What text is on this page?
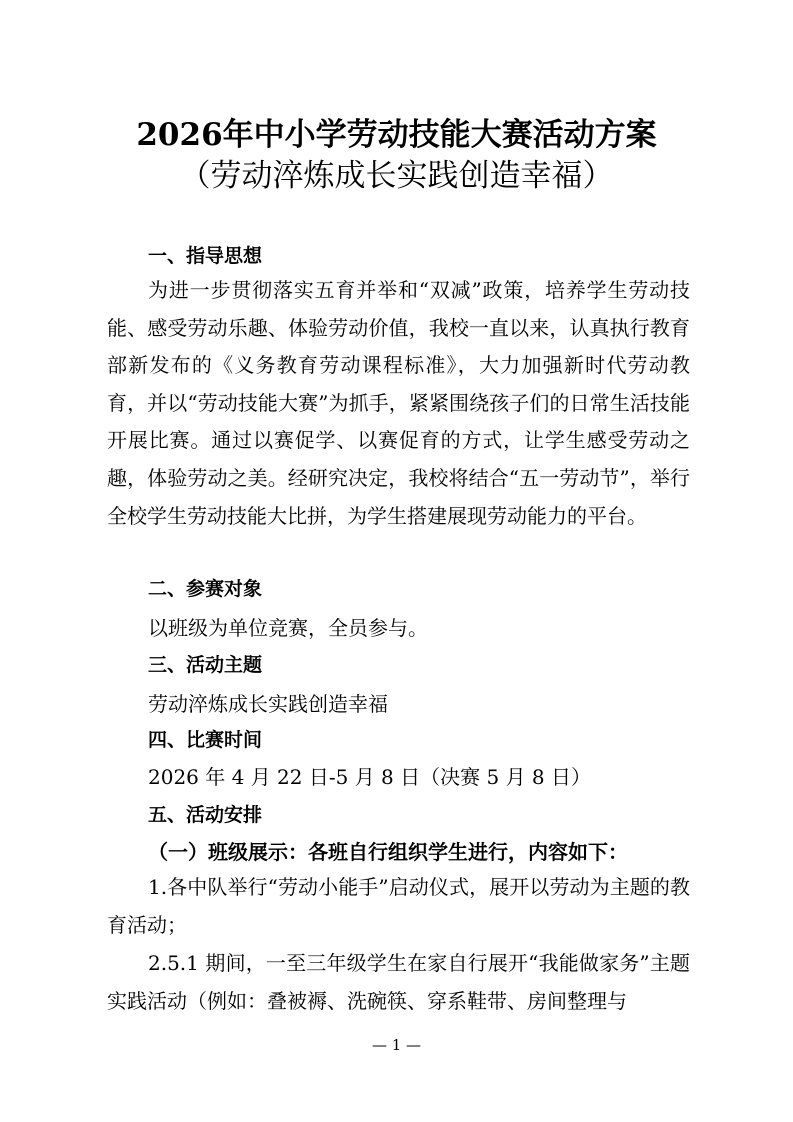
2026年中小学劳动技能大赛活动方案
（劳动淬炼成长实践创造幸福）
一、指导思想
为进一步贯彻落实五育并举和“双减”政策，培养学生劳动技能、感受劳动乐趣、体验劳动价值，我校一直以来，认真执行教育部新发布的《义务教育劳动课程标准》，大力加强新时代劳动教育，并以“劳动技能大赛”为抓手，紧紧围绕孩子们的日常生活技能开展比赛。通过以赛促学、以赛促育的方式，让学生感受劳动之趣，体验劳动之美。经研究决定，我校将结合“五一劳动节”，举行全校学生劳动技能大比拼，为学生搭建展现劳动能力的平台。
二、参赛对象
以班级为单位竞赛，全员参与。
三、活动主题
劳动淬炼成长实践创造幸福
四、比赛时间
2026 年 4 月 22 日-5 月 8 日（决赛 5 月 8 日）
五、活动安排
（一）班级展示：各班自行组织学生进行，内容如下：
1.各中队举行“劳动小能手”启动仪式，展开以劳动为主题的教育活动；
2.5.1 期间，一至三年级学生在家自行展开“我能做家务”主题实践活动（例如：叠被褥、洗碗筷、穿系鞋带、房间整理与
— 1 —
